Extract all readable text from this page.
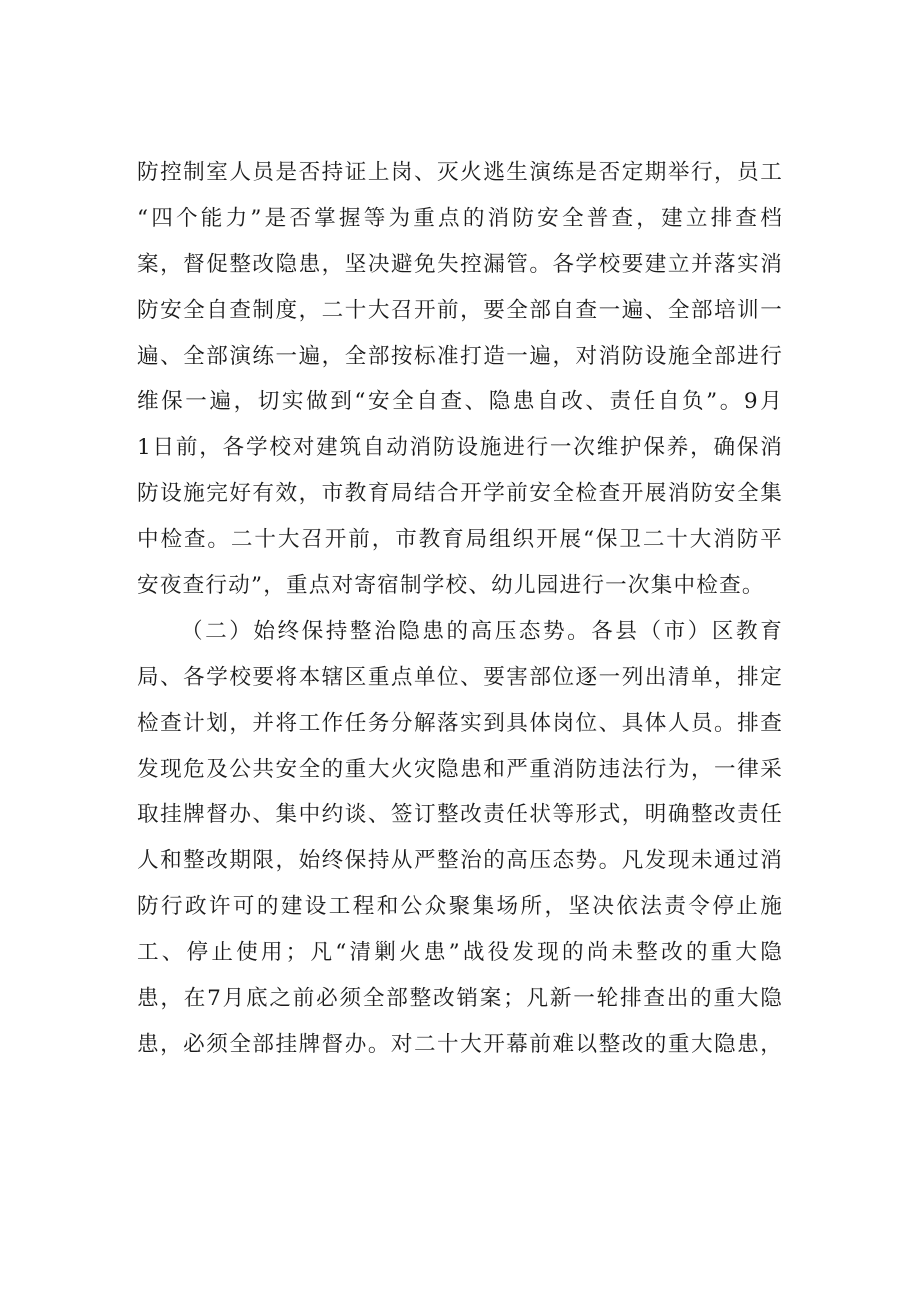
防控制室人员是否持证上岗、灭火逃生演练是否定期举行，员工
“四个能力”是否掌握等为重点的消防安全普查，建立排查档
案，督促整改隐患，坚决避免失控漏管。各学校要建立并落实消
防安全自查制度，二十大召开前，要全部自查一遍、全部培训一
遍、全部演练一遍，全部按标准打造一遍，对消防设施全部进行
维保一遍，切实做到“安全自查、隐患自改、责任自负”。9月
1日前，各学校对建筑自动消防设施进行一次维护保养，确保消
防设施完好有效，市教育局结合开学前安全检查开展消防安全集
中检查。二十大召开前，市教育局组织开展“保卫二十大消防平
安夜查行动”，重点对寄宿制学校、幼儿园进行一次集中检查。
（二）始终保持整治隐患的高压态势。各县（市）区教育
局、各学校要将本辖区重点单位、要害部位逐一列出清单，排定
检查计划，并将工作任务分解落实到具体岗位、具体人员。排查
发现危及公共安全的重大火灾隐患和严重消防违法行为，一律采
取挂牌督办、集中约谈、签订整改责任状等形式，明确整改责任
人和整改期限，始终保持从严整治的高压态势。凡发现未通过消
防行政许可的建设工程和公众聚集场所，坚决依法责令停止施
工、停止使用；凡“清剿火患”战役发现的尚未整改的重大隐
患，在7月底之前必须全部整改销案；凡新一轮排查出的重大隐
患，必须全部挂牌督办。对二十大开幕前难以整改的重大隐患，
